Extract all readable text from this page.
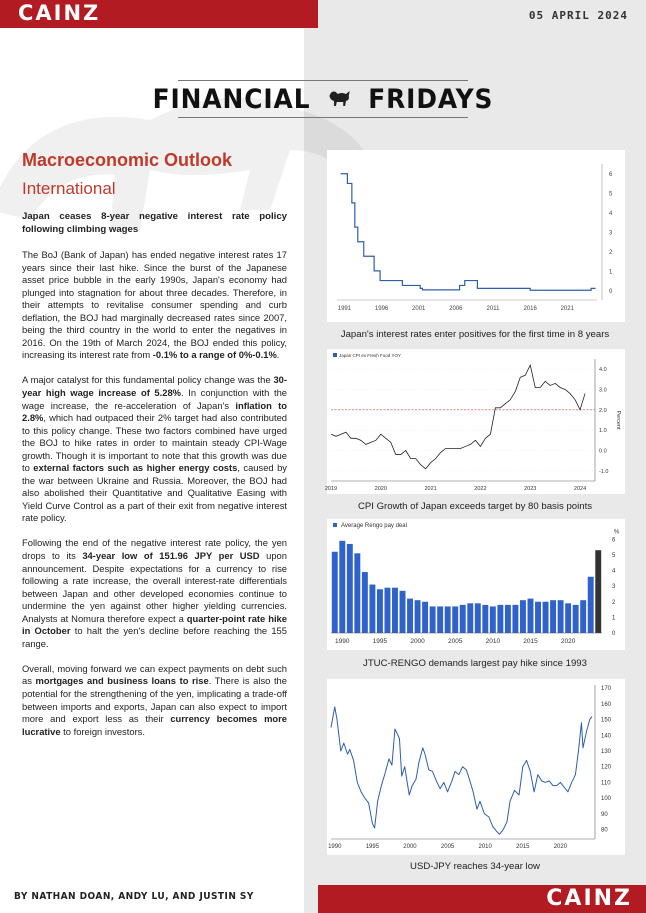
CAINZ	05 APRIL 2024
FINANCIAL FRIDAYS
Macroeconomic Outlook
International
Japan ceases 8-year negative interest rate policy following climbing wages

The BoJ (Bank of Japan) has ended negative interest rates 17 years since their last hike. Since the burst of the Japanese asset price bubble in the early 1990s, Japan's economy had plunged into stagnation for about three decades. Therefore, in their attempts to revitalise consumer spending and curb deflation, the BOJ had marginally decreased rates since 2007, being the third country in the world to enter the negatives in 2016. On the 19th of March 2024, the BOJ ended this policy, increasing its interest rate from -0.1% to a range of 0%-0.1%.

A major catalyst for this fundamental policy change was the 30-year high wage increase of 5.28%. In conjunction with the wage increase, the re-acceleration of Japan's inflation to 2.8%, which had outpaced their 2% target had also contributed to this policy change. These two factors combined have urged the BOJ to hike rates in order to maintain steady CPI-Wage growth. Though it is important to note that this growth was due to external factors such as higher energy costs, caused by the war between Ukraine and Russia. Moreover, the BOJ had also abolished their Quantitative and Qualitative Easing with Yield Curve Control as a part of their exit from negative interest rate policy.

Following the end of the negative interest rate policy, the yen drops to its 34-year low of 151.96 JPY per USD upon announcement. Despite expectations for a currency to rise following a rate increase, the overall interest-rate differentials between Japan and other developed economies continue to undermine the yen against other higher yielding currencies. Analysts at Nomura therefore expect a quarter-point rate hike in October to halt the yen's decline before reaching the 155 range.

Overall, moving forward we can expect payments on debt such as mortgages and business loans to rise. There is also the potential for the strengthening of the yen, implicating a trade-off between imports and exports, Japan can also expect to import more and export less as their currency becomes more lucrative to foreign investors.

0
1
2
3
4
5
6
1991	1996	2001	2006	2011	2016	2021
Japan's interest rates enter positives for the first time in 8 years
Japan CPI ex Fresh Food YOY
4.0
3.0
2.0
1.0
0.0
-1.0
2019	2020	2021	2022	2023	2024
Percent
CPI Growth of Japan exceeds target by 80 basis points
Average Rengo pay deal
%
6
5
4
3
2
1
0
1990	1995	2000	2005	2010	2015	2020
JTUC-RENGO demands largest pay hike since 1993
170
160
150
140
130
120
110
100
90
80
1990	1995	2000	2005	2010	2015	2020
USD-JPY reaches 34-year low
BY NATHAN DOAN, ANDY LU, AND JUSTIN SY	CAINZ
